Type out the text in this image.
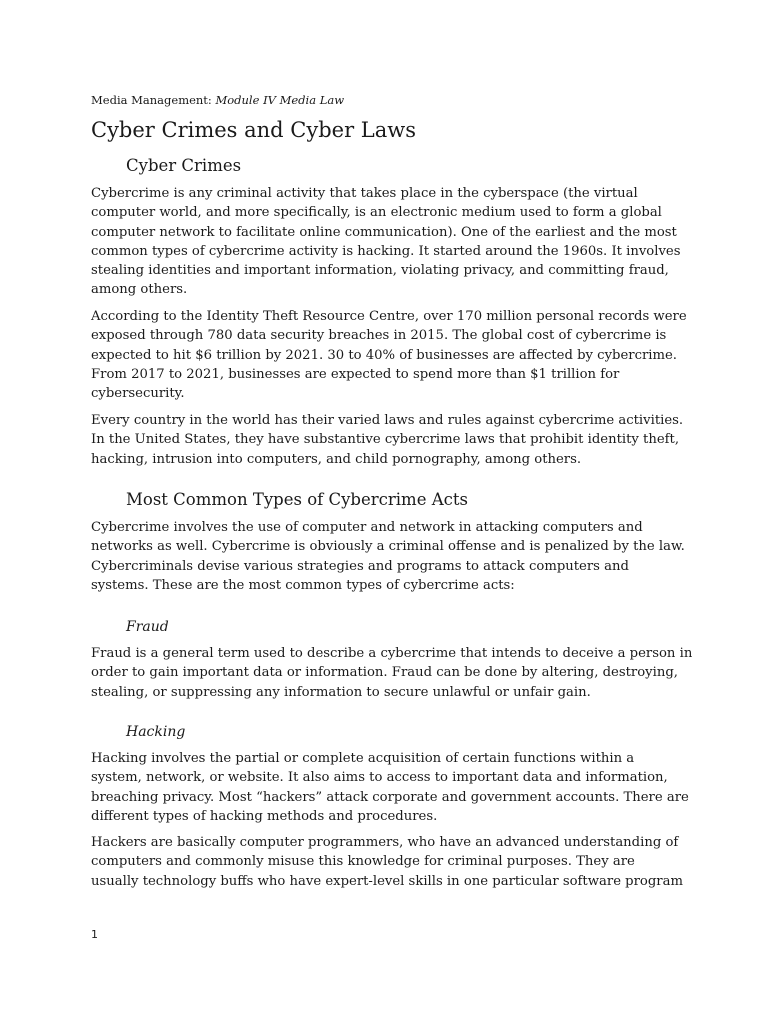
Media Management: Module IV Media Law
Cyber Crimes and Cyber Laws
Cyber Crimes

Cybercrime is any criminal activity that takes place in the cyberspace (the virtual
computer world, and more specifically, is an electronic medium used to form a global
computer network to facilitate online communication). One of the earliest and the most
common types of cybercrime activity is hacking. It started around the 1960s. It involves
stealing identities and important information, violating privacy, and committing fraud,
among others.

According to the Identity Theft Resource Centre, over 170 million personal records were
exposed through 780 data security breaches in 2015. The global cost of cybercrime is
expected to hit $6 trillion by 2021. 30 to 40% of businesses are affected by cybercrime.
From 2017 to 2021, businesses are expected to spend more than $1 trillion for
cybersecurity.

Every country in the world has their varied laws and rules against cybercrime activities.
In the United States, they have substantive cybercrime laws that prohibit identity theft,
hacking, intrusion into computers, and child pornography, among others.

Most Common Types of Cybercrime Acts

Cybercrime involves the use of computer and network in attacking computers and
networks as well. Cybercrime is obviously a criminal offense and is penalized by the law.
Cybercriminals devise various strategies and programs to attack computers and
systems. These are the most common types of cybercrime acts:

Fraud

Fraud is a general term used to describe a cybercrime that intends to deceive a person in
order to gain important data or information. Fraud can be done by altering, destroying,
stealing, or suppressing any information to secure unlawful or unfair gain.

Hacking

Hacking involves the partial or complete acquisition of certain functions within a
system, network, or website. It also aims to access to important data and information,
breaching privacy. Most “hackers” attack corporate and government accounts. There are
different types of hacking methods and procedures.

Hackers are basically computer programmers, who have an advanced understanding of
computers and commonly misuse this knowledge for criminal purposes. They are
usually technology buffs who have expert-level skills in one particular software program

1
